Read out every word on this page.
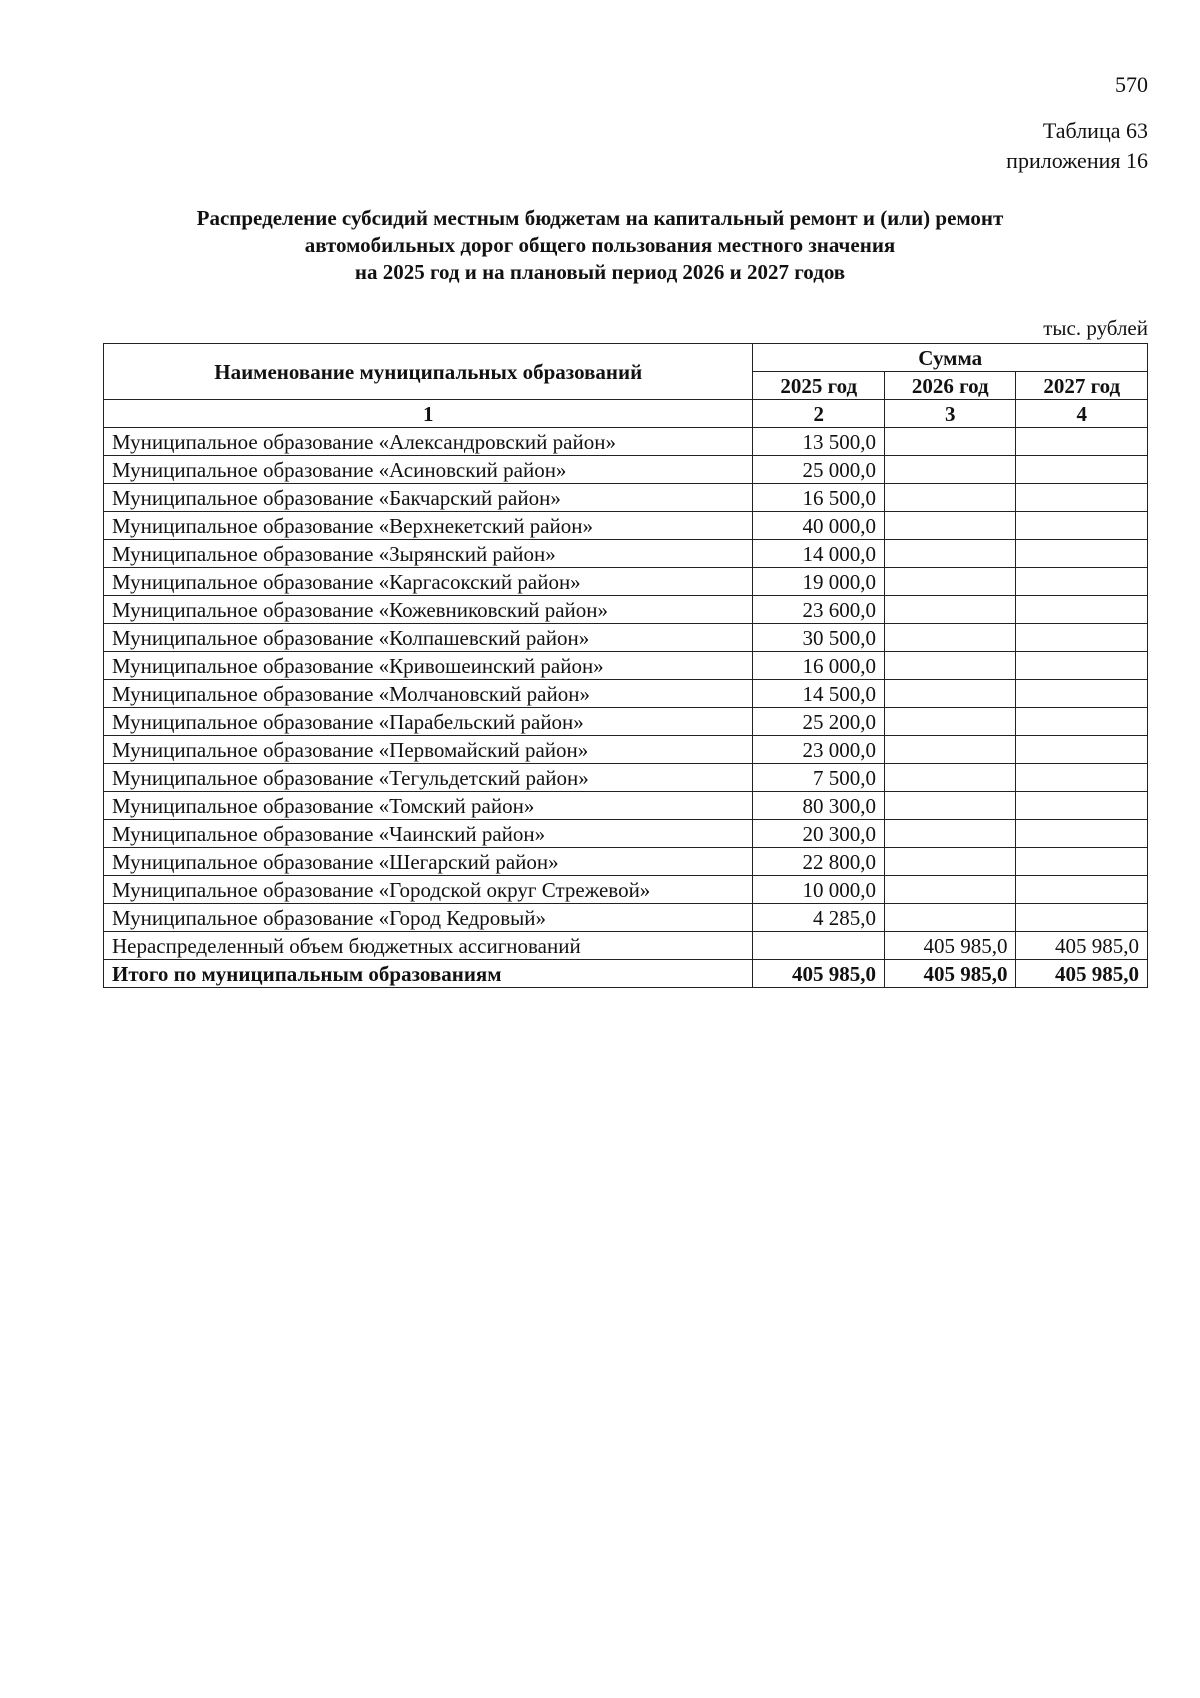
570
Таблица 63
приложения 16
Распределение субсидий местным бюджетам на капитальный ремонт и (или) ремонт
автомобильных дорог общего пользования местного значения
на 2025 год и на плановый период 2026 и 2027 годов
тыс. рублей
Наименование муниципальных образований	Сумма		
	2025 год	2026 год	2027 год
1	2	3	4
Муниципальное образование «Александровский район»	13 500,0		
Муниципальное образование «Асиновский район»	25 000,0		
Муниципальное образование «Бакчарский район»	16 500,0		
Муниципальное образование «Верхнекетский район»	40 000,0		
Муниципальное образование «Зырянский район»	14 000,0		
Муниципальное образование «Каргасокский район»	19 000,0		
Муниципальное образование «Кожевниковский район»	23 600,0		
Муниципальное образование «Колпашевский район»	30 500,0		
Муниципальное образование «Кривошеинский район»	16 000,0		
Муниципальное образование «Молчановский район»	14 500,0		
Муниципальное образование «Парабельский район»	25 200,0		
Муниципальное образование «Первомайский район»	23 000,0		
Муниципальное образование «Тегульдетский район»	7 500,0		
Муниципальное образование «Томский район»	80 300,0		
Муниципальное образование «Чаинский район»	20 300,0		
Муниципальное образование «Шегарский район»	22 800,0		
Муниципальное образование «Городской округ Стрежевой»	10 000,0		
Муниципальное образование «Город Кедровый»	4 285,0		
Нераспределенный объем бюджетных ассигнований		405 985,0	405 985,0
Итого по муниципальным образованиям	405 985,0	405 985,0	405 985,0
